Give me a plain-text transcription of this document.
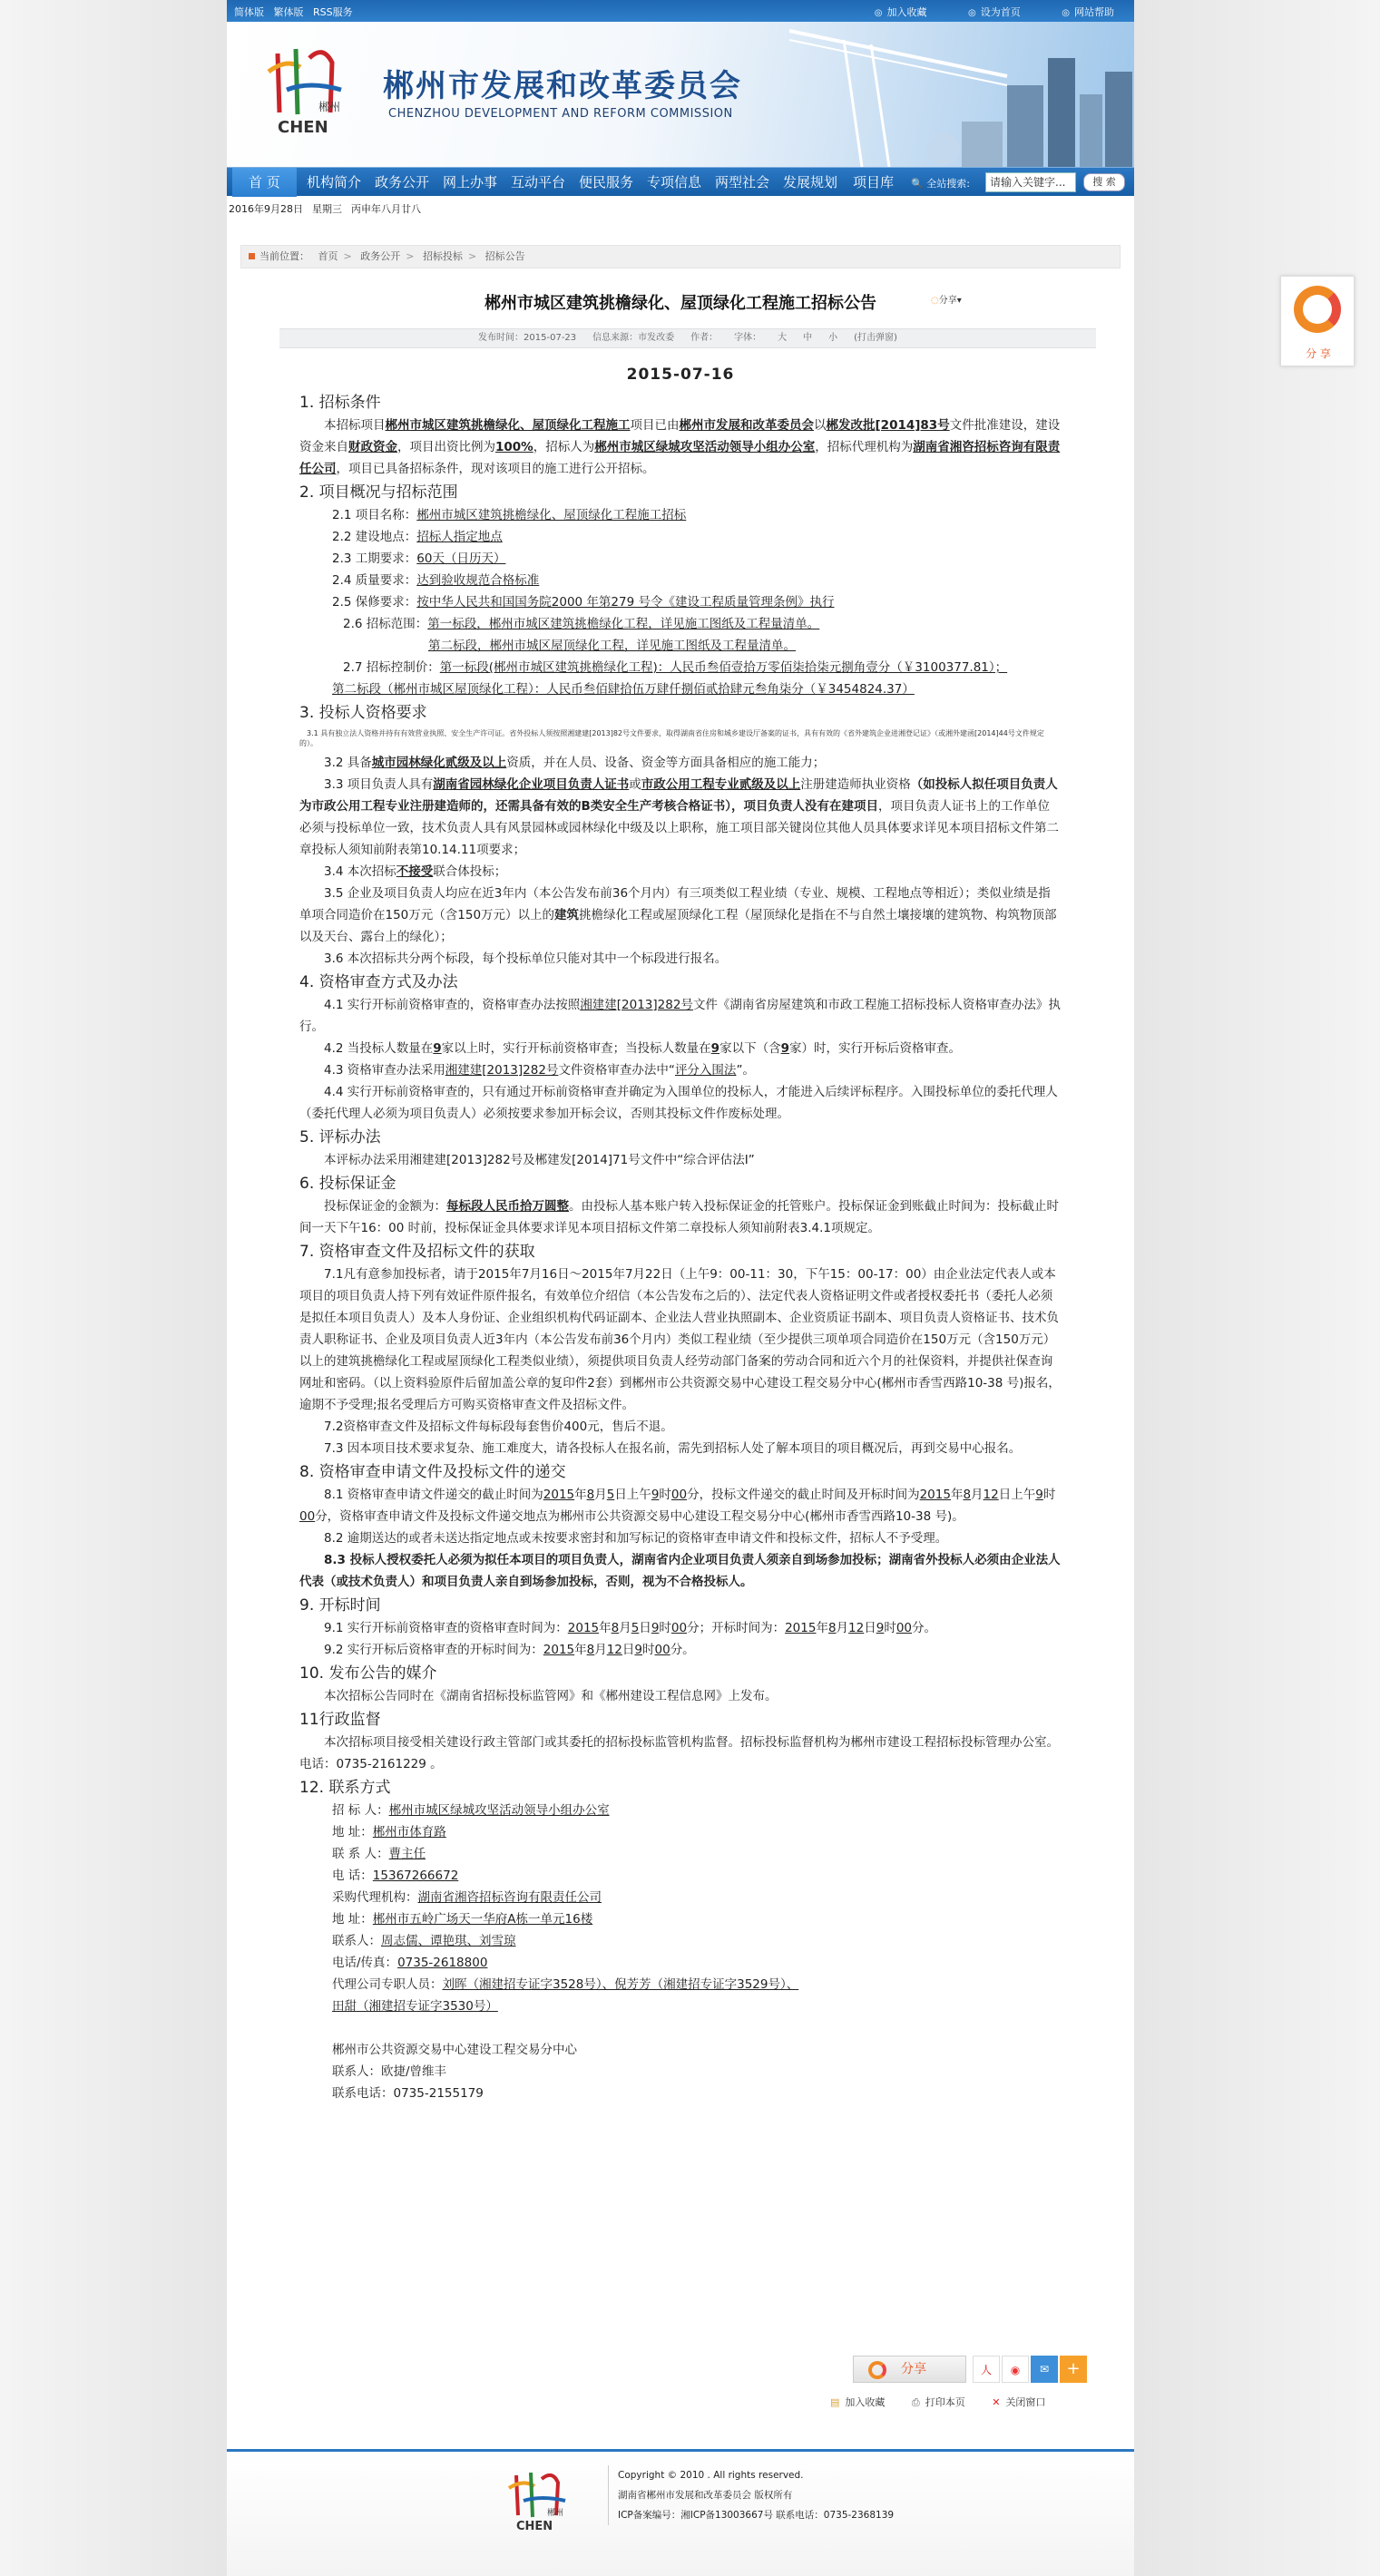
简体版 繁体版 RSS服务	◎ 加入收藏	◎ 设为首页	◎ 网站帮助
郴州
CHEN
郴州市发展和改革委员会
CHENZHOU DEVELOPMENT AND REFORM COMMISSION
首 页	机构简介 政务公开 网上办事 互动平台 便民服务 专项信息 两型社会 发展规划 项目库 🔍 全站搜索:	请输入关键字...	搜 索
2016年9月28日 星期三 丙申年八月廿八
当前位置： 首页 > 政务公开 > 招标投标 > 招标公告
郴州市城区建筑挑檐绿化、屋顶绿化工程施工招标公告	◌分享▾
发布时间：2015-07-23 信息来源：市发改委 作者： 字体： 大 中 小 (打击弹窗)
2015-07-16
1. 招标条件

本招标项目郴州市城区建筑挑檐绿化、屋顶绿化工程施工项目已由郴州市发展和改革委员会以郴发改批[2014]83号文件批准建设，建设资金来自财政资金，项目出资比例为100%，招标人为郴州市城区绿城攻坚活动领导小组办公室，招标代理机构为湖南省湘咨招标咨询有限责任公司，项目已具备招标条件，现对该项目的施工进行公开招标。

2. 项目概况与招标范围
2.1 项目名称：郴州市城区建筑挑檐绿化、屋顶绿化工程施工招标
2.2 建设地点：招标人指定地点
2.3 工期要求：60天（日历天）
2.4 质量要求：达到验收规范合格标准
2.5 保修要求：按中华人民共和国国务院2000 年第279 号令《建设工程质量管理条例》执行
2.6 招标范围：第一标段，郴州市城区建筑挑檐绿化工程，详见施工图纸及工程量清单。
第二标段，郴州市城区屋顶绿化工程，详见施工图纸及工程量清单。
2.7 招标控制价：第一标段(郴州市城区建筑挑檐绿化工程)：人民币叁佰壹拾万零佰柒拾柒元捌角壹分（￥3100377.81）；
第二标段（郴州市城区屋顶绿化工程）：人民币叁佰肆拾伍万肆仟捌佰贰拾肆元叁角柒分（￥3454824.37）
3. 投标人资格要求
3.1 具有独立法人资格并持有有效营业执照、安全生产许可证。省外投标人须按照湘建建[2013]82号文件要求，取得湖南省住房和城乡建设厅备案的证书，具有有效的《省外建筑企业进湘登记证》（或湘外建函[2014]44号文件规定的）。

3.2 具备城市园林绿化贰级及以上资质，并在人员、设备、资金等方面具备相应的施工能力；

3.3 项目负责人具有湖南省园林绿化企业项目负责人证书或市政公用工程专业贰级及以上注册建造师执业资格（如投标人拟任项目负责人为市政公用工程专业注册建造师的，还需具备有效的B类安全生产考核合格证书），项目负责人没有在建项目，项目负责人证书上的工作单位必须与投标单位一致，技术负责人具有风景园林或园林绿化中级及以上职称，施工项目部关键岗位其他人员具体要求详见本项目招标文件第二章投标人须知前附表第10.14.11项要求；

3.4 本次招标不接受联合体投标；

3.5 企业及项目负责人均应在近3年内（本公告发布前36个月内）有三项类似工程业绩（专业、规模、工程地点等相近）；类似业绩是指单项合同造价在150万元（含150万元）以上的建筑挑檐绿化工程或屋顶绿化工程（屋顶绿化是指在不与自然土壤接壤的建筑物、构筑物顶部以及天台、露台上的绿化）；

3.6 本次招标共分两个标段，每个投标单位只能对其中一个标段进行报名。

4. 资格审查方式及办法

4.1 实行开标前资格审查的，资格审查办法按照湘建建[2013]282号文件《湖南省房屋建筑和市政工程施工招标投标人资格审查办法》执行。

4.2 当投标人数量在9家以上时，实行开标前资格审查；当投标人数量在9家以下（含9家）时，实行开标后资格审查。

4.3 资格审查办法采用湘建建[2013]282号文件资格审查办法中“评分入围法”。

4.4 实行开标前资格审查的，只有通过开标前资格审查并确定为入围单位的投标人，才能进入后续评标程序。入围投标单位的委托代理人（委托代理人必须为项目负责人）必须按要求参加开标会议，否则其投标文件作废标处理。

5. 评标办法

本评标办法采用湘建建[2013]282号及郴建发[2014]71号文件中“综合评估法I”

6. 投标保证金

投标保证金的金额为：每标段人民币拾万圆整。由投标人基本账户转入投标保证金的托管账户。投标保证金到账截止时间为：投标截止时间一天下午16：00 时前，投标保证金具体要求详见本项目招标文件第二章投标人须知前附表3.4.1项规定。

7. 资格审查文件及招标文件的获取

7.1凡有意参加投标者，请于2015年7月16日～2015年7月22日（上午9：00-11：30，下午15：00-17：00）由企业法定代表人或本项目的项目负责人持下列有效证件原件报名，有效单位介绍信（本公告发布之后的）、法定代表人资格证明文件或者授权委托书（委托人必须是拟任本项目负责人）及本人身份证、企业组织机构代码证副本、企业法人营业执照副本、企业资质证书副本、项目负责人资格证书、技术负责人职称证书、企业及项目负责人近3年内（本公告发布前36个月内）类似工程业绩（至少提供三项单项合同造价在150万元（含150万元）以上的建筑挑檐绿化工程或屋顶绿化工程类似业绩），须提供项目负责人经劳动部门备案的劳动合同和近六个月的社保资料，并提供社保查询网址和密码。（以上资料验原件后留加盖公章的复印件2套）到郴州市公共资源交易中心建设工程交易分中心(郴州市香雪西路10-38 号)报名，逾期不予受理;报名受理后方可购买资格审查文件及招标文件。

7.2资格审查文件及招标文件每标段每套售价400元，售后不退。

7.3 因本项目技术要求复杂、施工难度大，请各投标人在报名前，需先到招标人处了解本项目的项目概况后，再到交易中心报名。

8. 资格审查申请文件及投标文件的递交

8.1 资格审查申请文件递交的截止时间为2015年8月5日上午9时00分，投标文件递交的截止时间及开标时间为2015年8月12日上午9时00分，资格审查申请文件及投标文件递交地点为郴州市公共资源交易中心建设工程交易分中心(郴州市香雪西路10-38 号)。

8.2 逾期送达的或者未送达指定地点或未按要求密封和加写标记的资格审查申请文件和投标文件，招标人不予受理。

8.3 投标人授权委托人必须为拟任本项目的项目负责人，湖南省内企业项目负责人须亲自到场参加投标；湖南省外投标人必须由企业法人代表（或技术负责人）和项目负责人亲自到场参加投标，否则，视为不合格投标人。

9. 开标时间

9.1 实行开标前资格审查的资格审查时间为：2015年8月5日9时00分；开标时间为：2015年8月12日9时00分。

9.2 实行开标后资格审查的开标时间为：2015年8月12日9时00分。

10. 发布公告的媒介

本次招标公告同时在《湖南省招标投标监管网》和《郴州建设工程信息网》上发布。

11行政监督

本次招标项目接受相关建设行政主管部门或其委托的招标投标监管机构监督。招标投标监督机构为郴州市建设工程招标投标管理办公室。电话：0735-2161229 。

12. 联系方式
招 标 人：郴州市城区绿城攻坚活动领导小组办公室
地 址：郴州市体育路
联 系 人：曹主任
电 话：15367266672
采购代理机构：湖南省湘咨招标咨询有限责任公司
地 址：郴州市五岭广场天一华府A栋一单元16楼
联系人：周志儒、谭艳琪、刘雪琼
电话/传真：0735-2618800
代理公司专职人员：刘晖（湘建招专证字3528号）、倪芳芳（湘建招专证字3529号）、
田甜（湘建招专证字3530号）
郴州市公共资源交易中心建设工程交易分中心
联系人：欧捷/曾维丰
联系电话：0735-2155179
分享	人	◉	✉	+
▤ 加入收藏	⎙ 打印本页	✕ 关闭窗口
郴州
CHEN
Copyright © 2010 . All rights reserved.
湖南省郴州市发展和改革委员会 版权所有
ICP备案编号：湘ICP备13003667号 联系电话：0735-2368139
分 享
